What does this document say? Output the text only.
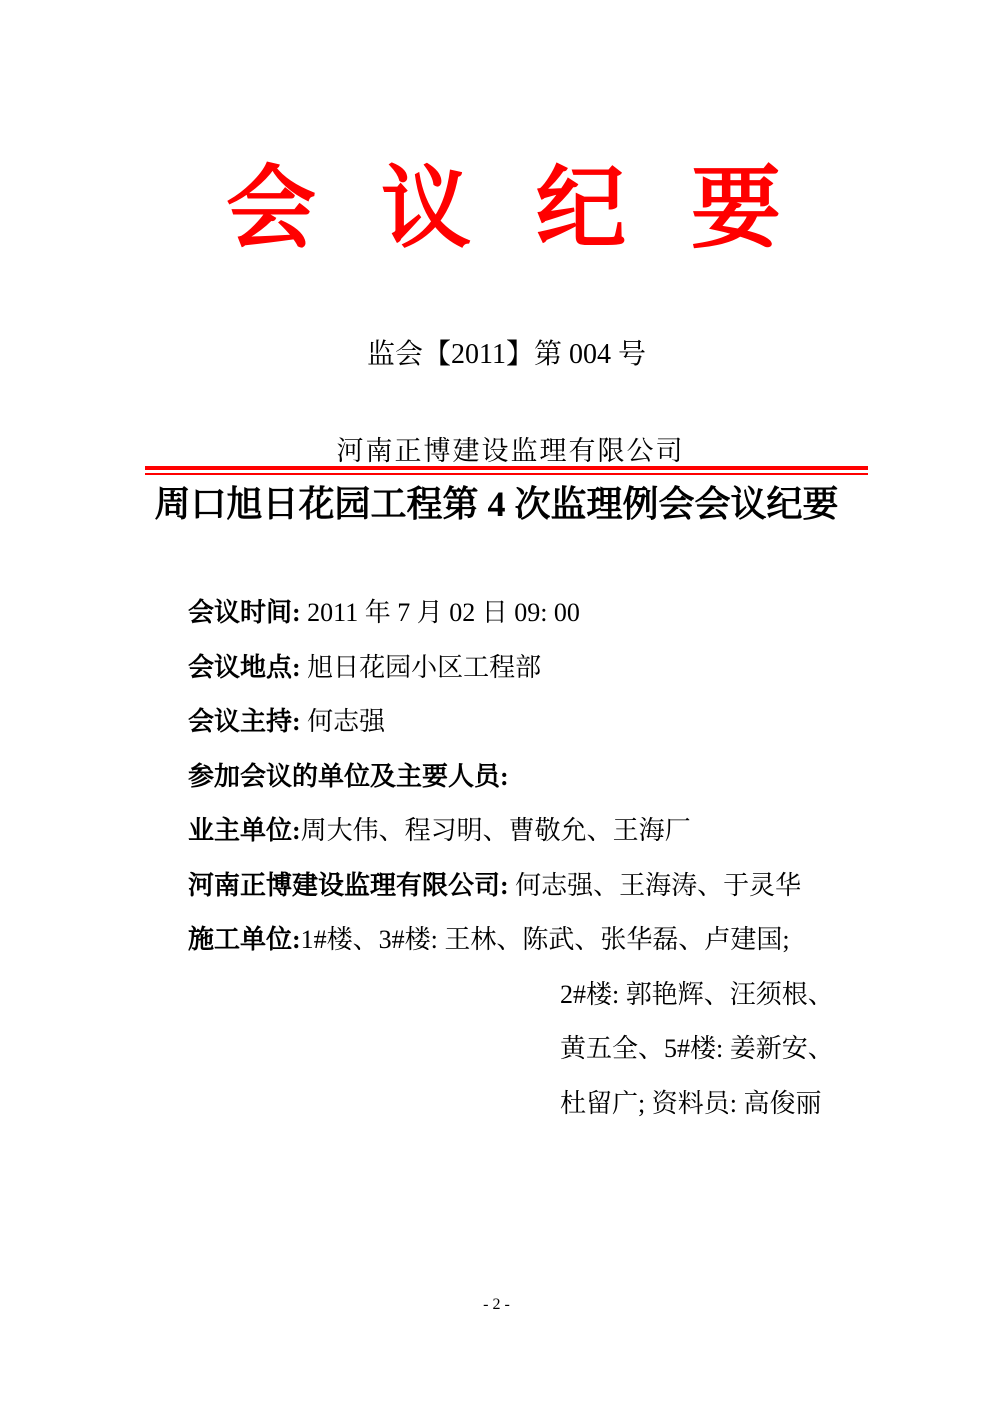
会议纪要
监会【2011】第 004 号
河南正博建设监理有限公司
周口旭日花园工程第 4 次监理例会会议纪要
会议时间: 2011 年 7 月 02 日 09: 00
会议地点: 旭日花园小区工程部
会议主持: 何志强
参加会议的单位及主要人员:
业主单位:周大伟、程习明、曹敬允、王海厂
河南正博建设监理有限公司: 何志强、王海涛、于灵华
施工单位:1#楼、3#楼: 王林、陈武、张华磊、卢建国;
2#楼: 郭艳辉、汪须根、
黄五全、5#楼: 姜新安、
杜留广; 资料员: 高俊丽
- 2 -
